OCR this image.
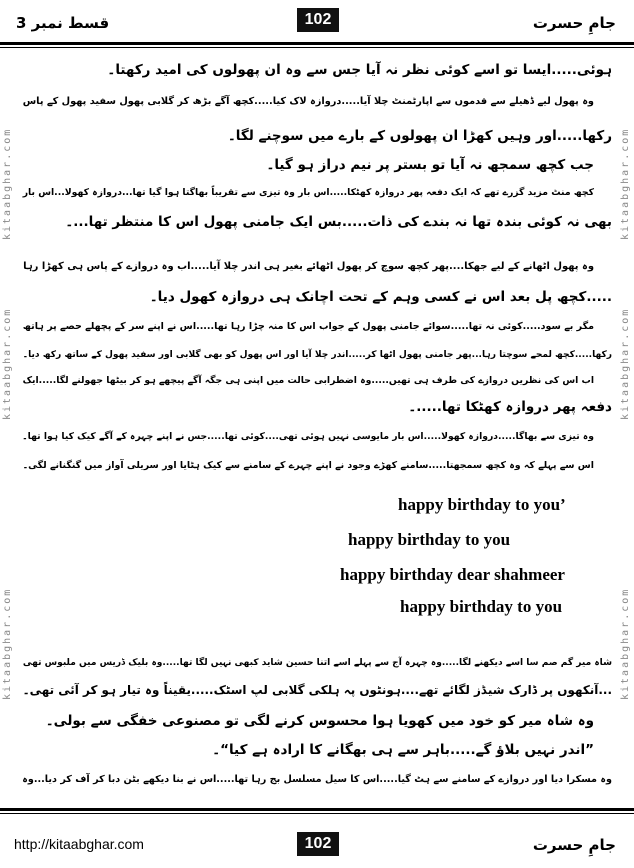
قسط نمبر 3	102	جامِ حسرت
kitaabghar.com
kitaabghar.com
kitaabghar.com
kitaabghar.com
kitaabghar.com
kitaabghar.com
ہوئی.....ایسا تو اسے کوئی نظر نہ آیا جس سے وہ ان پھولوں کی امید رکھتا۔
وہ پھول لیے ڈھیلے سے قدموں سے اپارٹمنٹ چلا آیا.....دروازہ لاک کیا.....کچھ آگے بڑھ کر گلابی پھول سفید پھول کے پاس
رکھا.....اور وہیں کھڑا ان پھولوں کے بارے میں سوچنے لگا۔
جب کچھ سمجھ نہ آیا تو بستر پر نیم دراز ہو گیا۔
کچھ منٹ مزید گزرے تھے کہ ایک دفعہ پھر دروازہ کھٹکا.....اس بار وہ تیزی سے تقریباً بھاگتا ہوا گیا تھا...دروازہ کھولا...اس بار
بھی نہ کوئی بندہ تھا نہ بندے کی ذات.....بس ایک جامنی پھول اس کا منتظر تھا...۔
وہ پھول اٹھانے کے لیے جھکا....پھر کچھ سوچ کر پھول اٹھائے بغیر ہی اندر چلا آیا.....اب وہ دروازے کے پاس ہی کھڑا رہا
.....کچھ پل بعد اس نے کسی وہم کے تحت اچانک ہی دروازہ کھول دیا۔
مگر بے سود.....کوئی نہ تھا.....سوائے جامنی پھول کے جواب اس کا منہ چڑا رہا تھا.....اس نے اپنے سر کے پچھلے حصے پر ہاتھ
رکھا.....کچھ لمحے سوچتا رہا...پھر جامنی پھول اٹھا کر.....اندر چلا آیا اور اس پھول کو بھی گلابی اور سفید پھول کے ساتھ رکھ دیا۔
اب اس کی نظریں دروازے کی طرف ہی تھیں.....وہ اضطرابی حالت میں اپنی ہی جگہ آگے پیچھے ہو کر بیٹھا جھولنے لگا.....ایک
دفعہ پھر دروازہ کھٹکا تھا.....۔
وہ تیزی سے بھاگا.....دروازہ کھولا.....اس بار مایوسی نہیں ہوئی تھی....کوئی تھا.....جس نے اپنے چہرہ کے آگے کیک کیا ہوا تھا۔
اس سے پہلے کہ وہ کچھ سمجھتا.....سامنے کھڑے وجود نے اپنے چہرے کے سامنے سے کیک ہٹایا اور سریلی آواز میں گنگنانے لگی۔
happy birthday to you’
happy birthday to you
happy birthday dear shahmeer
happy birthday to you
شاہ میر گم صم سا اسے دیکھنے لگا.....وہ چہرہ آج سے پہلے اسے اتنا حسین شاید کبھی نہیں لگا تھا.....وہ بلیک ڈریس میں ملبوس تھی
...آنکھوں پر ڈارک شیڈز لگائے تھے....ہونٹوں پہ ہلکی گلابی لپ اسٹک.....یقیناً وہ تیار ہو کر آئی تھی۔
وہ شاہ میر کو خود میں کھویا ہوا محسوس کرنے لگی تو مصنوعی خفگی سے بولی۔
”اندر نہیں بلاؤ گے.....باہر سے ہی بھگانے کا ارادہ ہے کیا“۔
وہ مسکرا دیا اور دروازے کے سامنے سے ہٹ گیا.....اس کا سیل مسلسل بج رہا تھا.....اس نے بنا دیکھے بٹن دبا کر آف کر دیا...وہ
http://kitaabghar.com	102	جامِ حسرت
